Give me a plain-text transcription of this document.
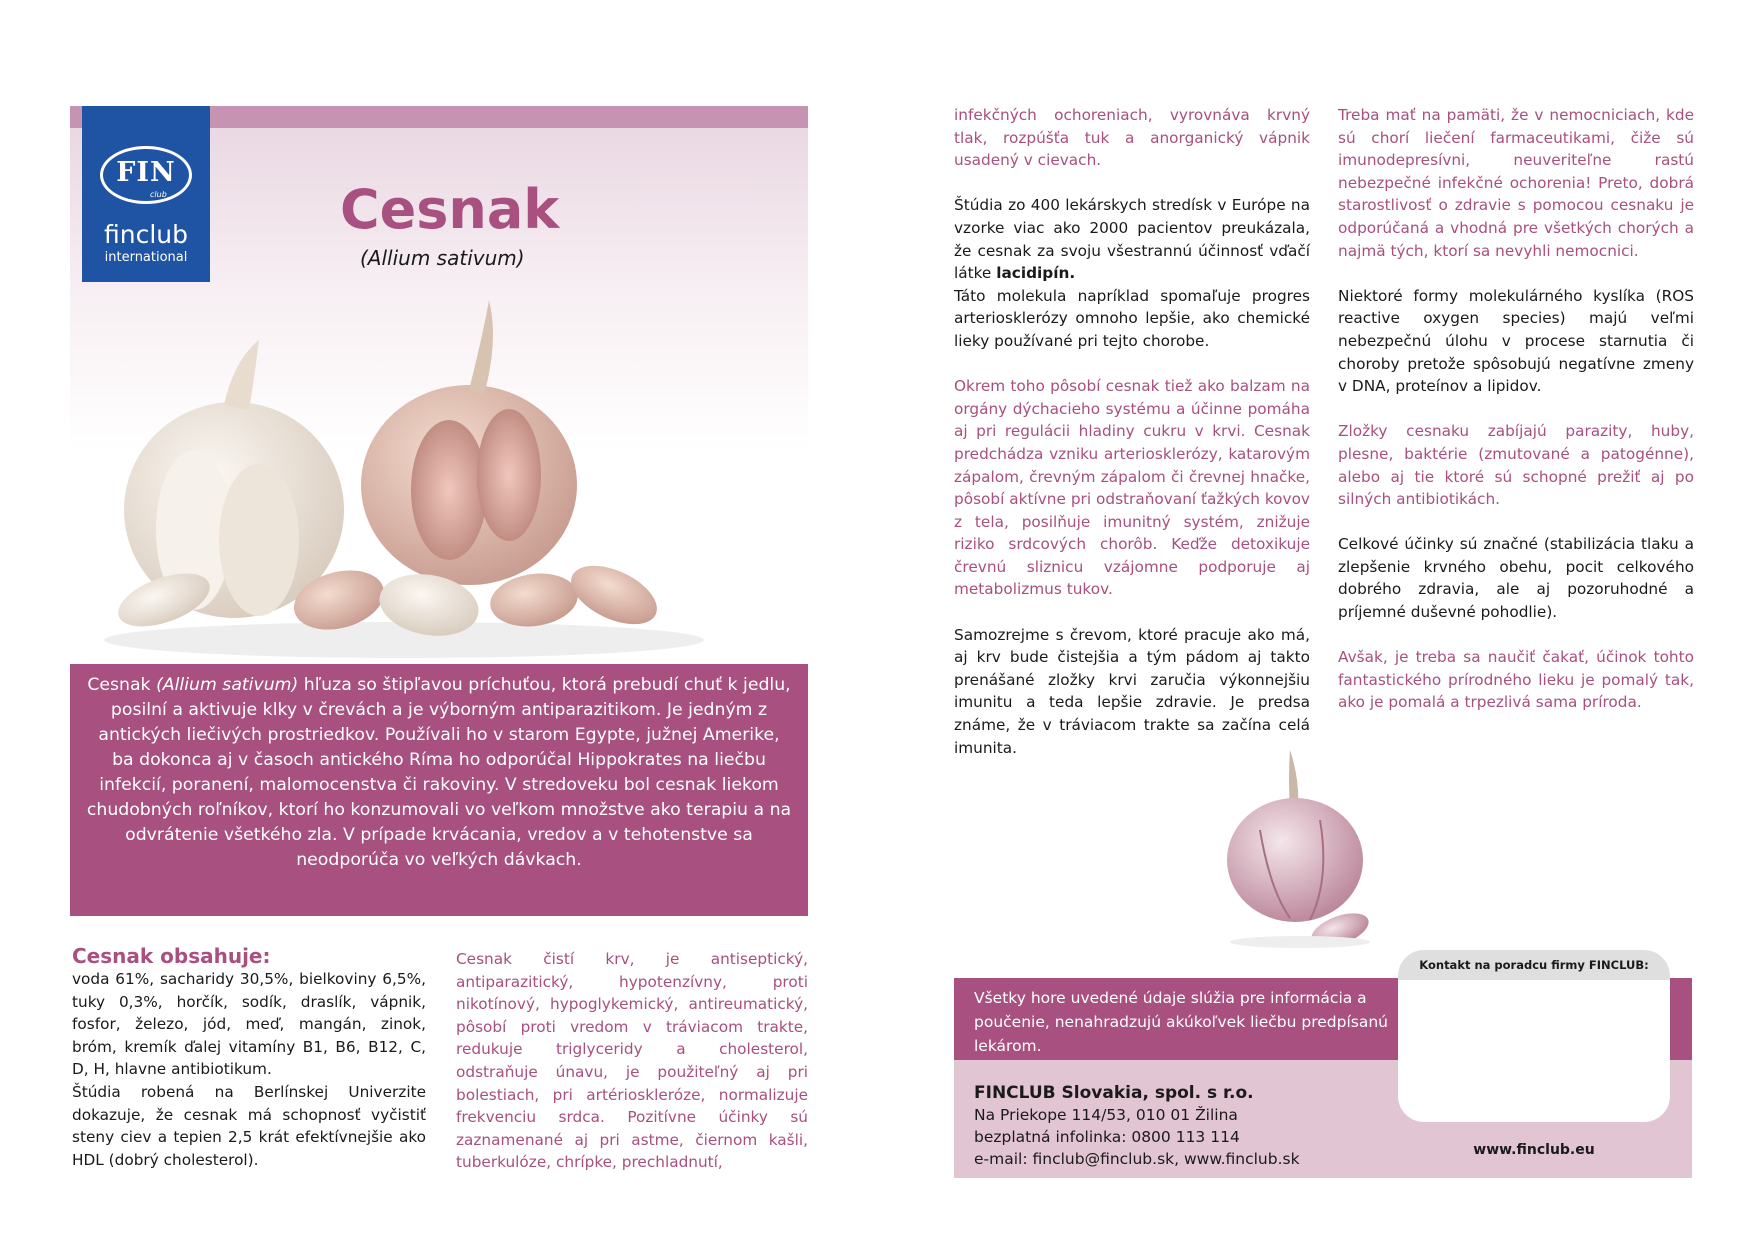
FIN
club
finclub
international
Cesnak
(Allium sativum)
Cesnak (Allium sativum) hľuza so štipľavou príchuťou, ktorá prebudí chuť k jedlu, posilní a aktivuje klky v črevách a je výborným antiparazitikom. Je jedným z antických liečivých prostriedkov. Používali ho v starom Egypte, južnej Amerike, ba dokonca aj v časoch antického Ríma ho odporúčal Hippokrates na liečbu infekcií, poranení, malomocenstva či rakoviny. V stredoveku bol cesnak liekom chudobných roľníkov, ktorí ho konzumovali vo veľkom množstve ako terapiu a na odvrátenie všetkého zla. V prípade krvácania, vredov a v tehotenstve sa neodporúča vo veľkých dávkach.
Cesnak obsahuje:

voda 61%, sacharidy 30,5%, bielkoviny 6,5%, tuky 0,3%, horčík, sodík, draslík, vápnik, fosfor, železo, jód, meď, mangán, zinok, bróm, kremík ďalej vitamíny B1, B6, B12, C, D, H, hlavne antibiotikum.

Štúdia robená na Berlínskej Univerzite dokazuje, že cesnak má schopnosť vyčistiť steny ciev a tepien 2,5 krát efektívnejšie ako HDL (dobrý cholesterol).

Cesnak čistí krv, je antiseptický, antiparazitický, hypotenzívny, proti nikotínový, hypoglykemický, antireumatický, pôsobí proti vredom v tráviacom trakte, redukuje triglyceridy a cholesterol, odstraňuje únavu, je použiteľný aj pri bolestiach, pri artérioskleróze, normalizuje frekvenciu srdca. Pozitívne účinky sú zaznamenané aj pri astme, čiernom kašli, tuberkulóze, chrípke, prechladnutí,

infekčných ochoreniach, vyrovnáva krvný tlak, rozpúšťa tuk a anorganický vápnik usadený v cievach.

Štúdia zo 400 lekárskych stredísk v Európe na vzorke viac ako 2000 pacientov preukázala, že cesnak za svoju všestrannú účinnosť vďačí látke lacidipín.

Táto molekula napríklad spomaľuje progres arteriosklerózy omnoho lepšie, ako chemické lieky používané pri tejto chorobe.

Okrem toho pôsobí cesnak tiež ako balzam na orgány dýchacieho systému a účinne pomáha aj pri regulácii hladiny cukru v krvi. Cesnak predchádza vzniku arteriosklerózy, katarovým zápalom, črevným zápalom či črevnej hnačke, pôsobí aktívne pri odstraňovaní ťažkých kovov z tela, posilňuje imunitný systém, znižuje riziko srdcových chorôb. Keďže detoxikuje črevnú sliznicu vzájomne podporuje aj metabolizmus tukov.

Samozrejme s črevom, ktoré pracuje ako má, aj krv bude čistejšia a tým pádom aj takto prenášané zložky krvi zaručia výkonnejšiu imunitu a teda lepšie zdravie. Je predsa známe, že v tráviacom trakte sa začína celá imunita.

Treba mať na pamäti, že v nemocniciach, kde sú chorí liečení farmaceutikami, čiže sú imunodepresívni, neuveriteľne rastú nebezpečné infekčné ochorenia! Preto, dobrá starostlivosť o zdravie s pomocou cesnaku je odporúčaná a vhodná pre všetkých chorých a najmä tých, ktorí sa nevyhli nemocnici.

Niektoré formy molekulárného kyslíka (ROS reactive oxygen species) majú veľmi nebezpečnú úlohu v procese starnutia či choroby pretože spôsobujú negatívne zmeny v DNA, proteínov a lipidov.

Zložky cesnaku zabíjajú parazity, huby, plesne, baktérie (zmutované a patogénne), alebo aj tie ktoré sú schopné prežiť aj po silných antibiotikách.

Celkové účinky sú značné (stabilizácia tlaku a zlepšenie krvného obehu, pocit celkového dobrého zdravia, ale aj pozoruhodné a príjemné duševné pohodlie).

Avšak, je treba sa naučiť čakať, účinok tohto fantastického prírodného lieku je pomalý tak, ako je pomalá a trpezlivá sama príroda.

Všetky hore uvedené údaje slúžia pre informácia a poučenie, nenahradzujú akúkoľvek liečbu predpísanú lekárom.
Kontakt na poradcu firmy FINCLUB:
FINCLUB Slovakia, spol. s r.o.
Na Priekope 114/53, 010 01 Žilina
bezplatná infolinka: 0800 113 114
e-mail: finclub@finclub.sk, www.finclub.sk	www.finclub.eu
